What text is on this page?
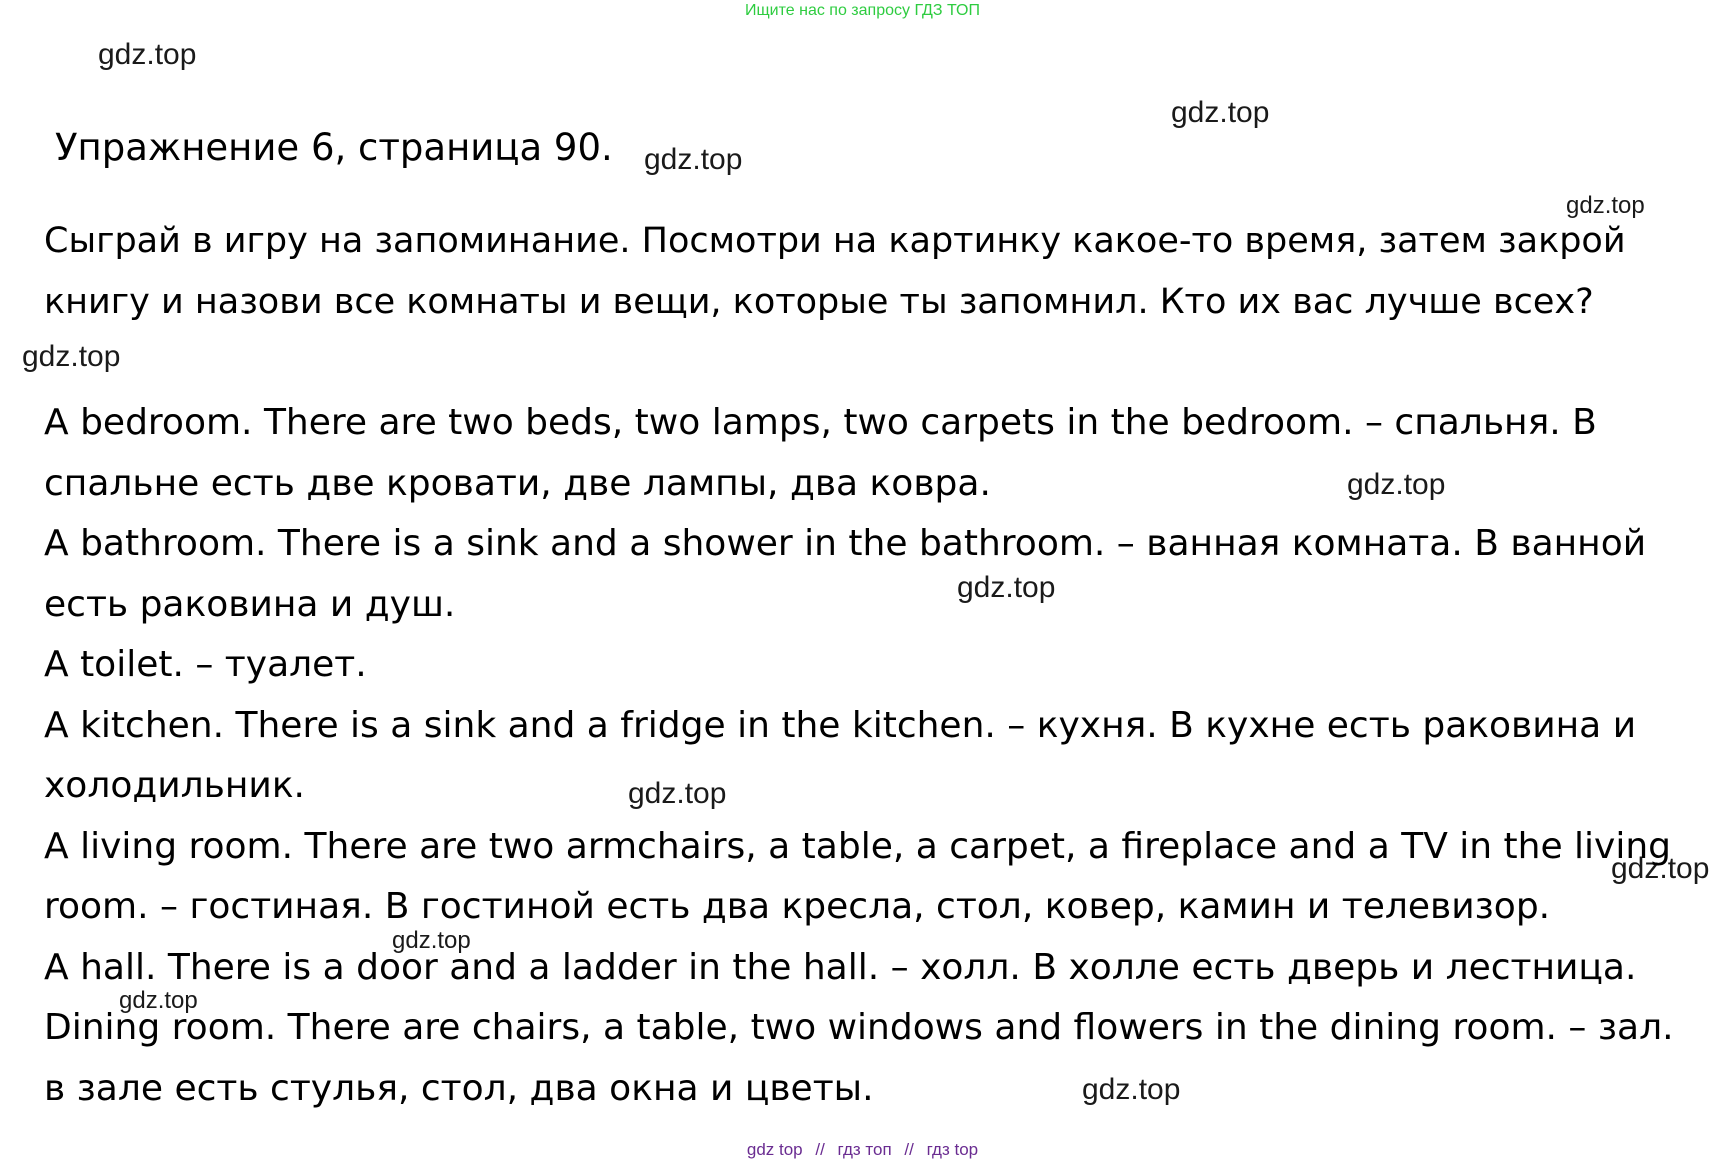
Ищите нас по запросу ГДЗ ТОП
gdz.top
gdz.top
gdz.top
gdz.top
gdz.top
gdz.top
gdz.top
gdz.top
gdz.top
gdz.top
gdz.top
gdz.top
Упражнение 6, страница 90.
Сыграй в игру на запоминание. Посмотри на картинку какое-то время, затем закрой книгу и назови все комнаты и вещи, которые ты запомнил. Кто их вас лучше всех?

A bedroom. There are two beds, two lamps, two carpets in the bedroom. – спальня. В спальне есть две кровати, две лампы, два ковра.

A bathroom. There is a sink and a shower in the bathroom. – ванная комната. В ванной есть раковина и душ.

A toilet. – туалет.

A kitchen. There is a sink and a fridge in the kitchen. – кухня. В кухне есть раковина и холодильник.

A living room. There are two armchairs, a table, a carpet, a fireplace and a TV in the living room. – гостиная. В гостиной есть два кресла, стол, ковер, камин и телевизор.

A hall. There is a door and a ladder in the hall. – холл. В холле есть дверь и лестница.

Dining room. There are chairs, a table, two windows and flowers in the dining room. – зал. в зале есть стулья, стол, два окна и цветы.

gdz top // гдз топ // гдз top
